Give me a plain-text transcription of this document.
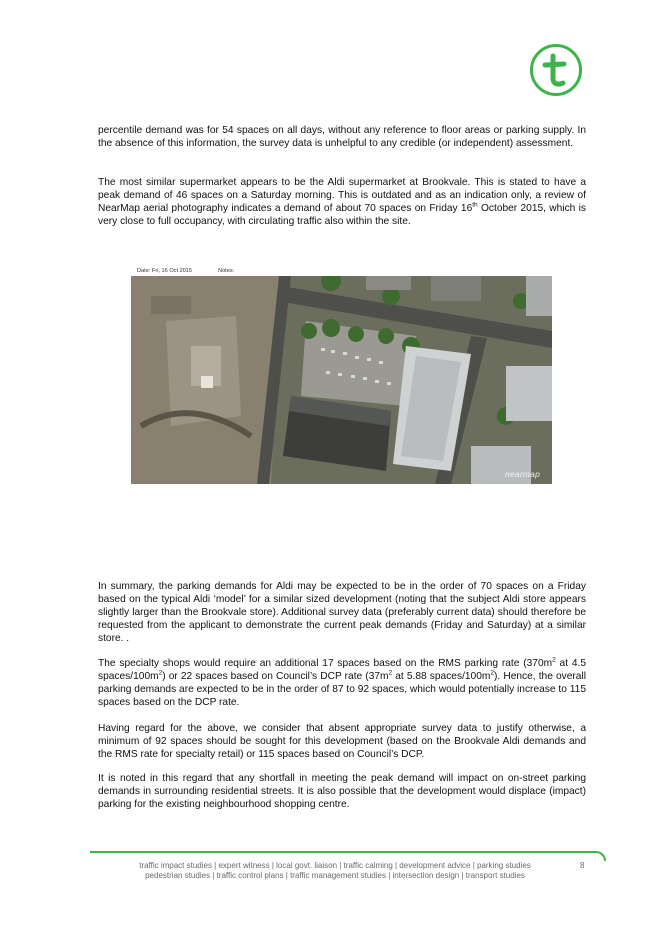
percentile demand was for 54 spaces on all days, without any reference to floor areas or parking supply. In the absence of this information, the survey data is unhelpful to any credible (or independent) assessment.

The most similar supermarket appears to be the Aldi supermarket at Brookvale. This is stated to have a peak demand of 46 spaces on a Saturday morning. This is outdated and as an indication only, a review of NearMap aerial photography indicates a demand of about 70 spaces on Friday 16th October 2015, which is very close to full occupancy, with circulating traffic also within the site.

Date: Fri, 16 Oct 2015	Notes:
nearmap

In summary, the parking demands for Aldi may be expected to be in the order of 70 spaces on a Friday based on the typical Aldi ‘model’ for a similar sized development (noting that the subject Aldi store appears slightly larger than the Brookvale store). Additional survey data (preferably current data) should therefore be requested from the applicant to demonstrate the current peak demands (Friday and Saturday) at a similar store. .

The specialty shops would require an additional 17 spaces based on the RMS parking rate ($370m^2$ at 4.5 spaces/$100m^2$) or 22 spaces based on Council’s DCP rate ($37m^2$ at 5.88 spaces/$100m^2$). Hence, the overall parking demands are expected to be in the order of 87 to 92 spaces, which would potentially increase to 115 spaces based on the DCP rate.

Having regard for the above, we consider that absent appropriate survey data to justify otherwise, a minimum of 92 spaces should be sought for this development (based on the Brookvale Aldi demands and the RMS rate for specialty retail) or 115 spaces based on Council’s DCP.

It is noted in this regard that any shortfall in meeting the peak demand will impact on on-street parking demands in surrounding residential streets. It is also possible that the development would displace (impact) parking for the existing neighbourhood shopping centre.

traffic impact studies | expert witness | local govt. liaison | traffic calming | development advice | parking studies
pedestrian studies | traffic control plans | traffic management studies | intersection design | transport studies
8
